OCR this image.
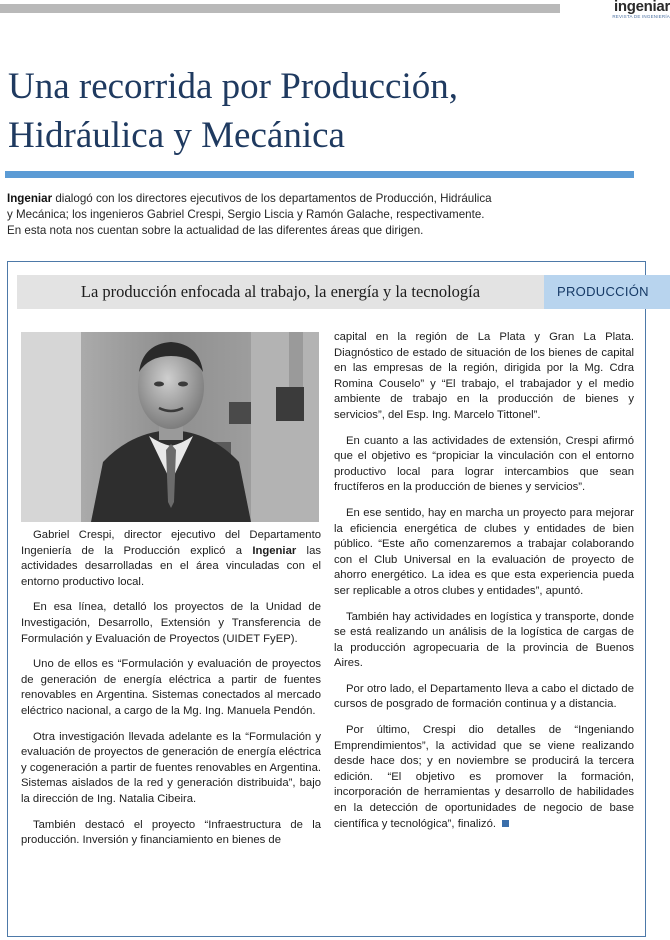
ingeniar
REVISTA DE INGENIERÍA
Una recorrida por Producción,
Hidráulica y Mecánica
Ingeniar dialogó con los directores ejecutivos de los departamentos de Producción, Hidráulica
y Mecánica; los ingenieros Gabriel Crespi, Sergio Liscia y Ramón Galache, respectivamente.
En esta nota nos cuentan sobre la actualidad de las diferentes áreas que dirigen.
La producción enfocada al trabajo, la energía y la tecnología	PRODUCCIÓN

Gabriel Crespi, director ejecutivo del Departamento Ingeniería de la Producción explicó a Ingeniar las actividades desarrolladas en el área vinculadas con el entorno productivo local.

En esa línea, detalló los proyectos de la Unidad de Investigación, Desarrollo, Extensión y Transferencia de Formulación y Evaluación de Proyectos (UIDET FyEP).

Uno de ellos es “Formulación y evaluación de proyectos de generación de energía eléctrica a partir de fuentes renovables en Argentina. Sistemas conectados al mercado eléctrico nacional, a cargo de la Mg. Ing. Manuela Pendón.

Otra investigación llevada adelante es la “Formulación y evaluación de proyectos de generación de energía eléctrica y cogeneración a partir de fuentes renovables en Argentina. Sistemas aislados de la red y generación distribuida”, bajo la dirección de Ing. Natalia Cibeira.

También destacó el proyecto “Infraestructura de la producción. Inversión y financiamiento en bienes de

capital en la región de La Plata y Gran La Plata. Diagnóstico de estado de situación de los bienes de capital en las empresas de la región, dirigida por la Mg. Cdra Romina Couselo” y “El trabajo, el trabajador y el medio ambiente de trabajo en la producción de bienes y servicios”, del Esp. Ing. Marcelo Tittonel”.

En cuanto a las actividades de extensión, Crespi afirmó que el objetivo es “propiciar la vinculación con el entorno productivo local para lograr intercambios que sean fructíferos en la producción de bienes y servicios”.

En ese sentido, hay en marcha un proyecto para mejorar la eficiencia energética de clubes y entidades de bien público. “Este año comenzaremos a trabajar colaborando con el Club Universal en la evaluación de proyecto de ahorro energético. La idea es que esta experiencia pueda ser replicable a otros clubes y entidades”, apuntó.

También hay actividades en logística y transporte, donde se está realizando un análisis de la logística de cargas de la producción agropecuaria de la provincia de Buenos Aires.

Por otro lado, el Departamento lleva a cabo el dictado de cursos de posgrado de formación continua y a distancia.

Por último, Crespi dio detalles de “Ingeniando Emprendimientos”, la actividad que se viene realizando desde hace dos; y en noviembre se producirá la tercera edición. “El objetivo es promover la formación, incorporación de herramientas y desarrollo de habilidades en la detección de oportunidades de negocio de base científica y tecnológica”, finalizó.
